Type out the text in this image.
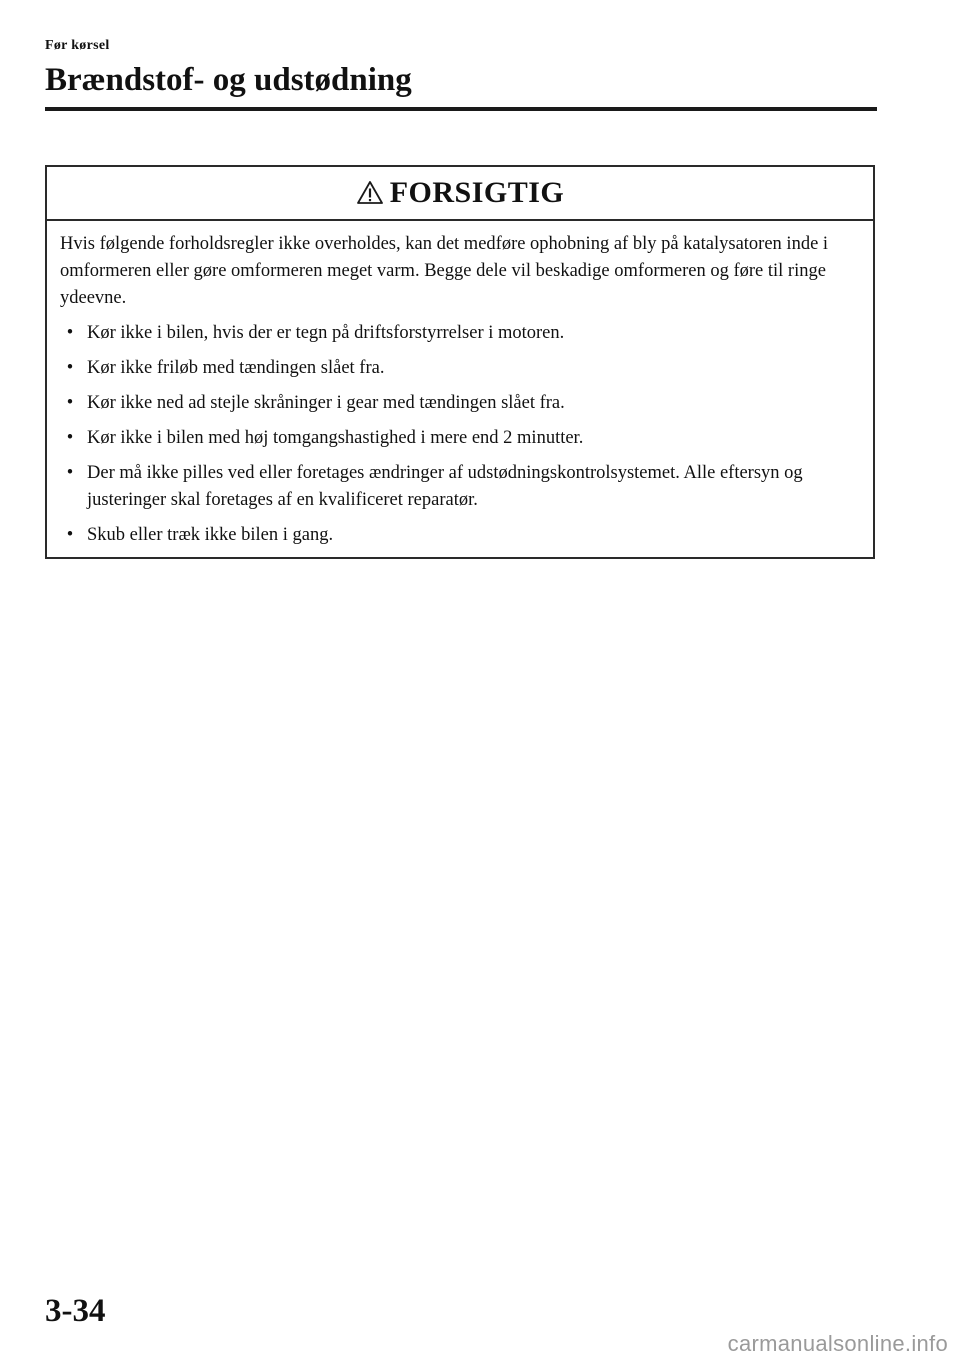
Før kørsel
Brændstof- og udstødning
FORSIGTIG

Hvis følgende forholdsregler ikke overholdes, kan det medføre ophobning af bly på katalysatoren inde i omformeren eller gøre omformeren meget varm. Begge dele vil beskadige omformeren og føre til ringe ydeevne.

• Kør ikke i bilen, hvis der er tegn på driftsforstyrrelser i motoren.
• Kør ikke friløb med tændingen slået fra.
• Kør ikke ned ad stejle skråninger i gear med tændingen slået fra.
• Kør ikke i bilen med høj tomgangshastighed i mere end 2 minutter.
• Der må ikke pilles ved eller foretages ændringer af udstødningskontrolsystemet. Alle eftersyn og justeringer skal foretages af en kvalificeret reparatør.
• Skub eller træk ikke bilen i gang.
3-34
carmanualsonline.info
